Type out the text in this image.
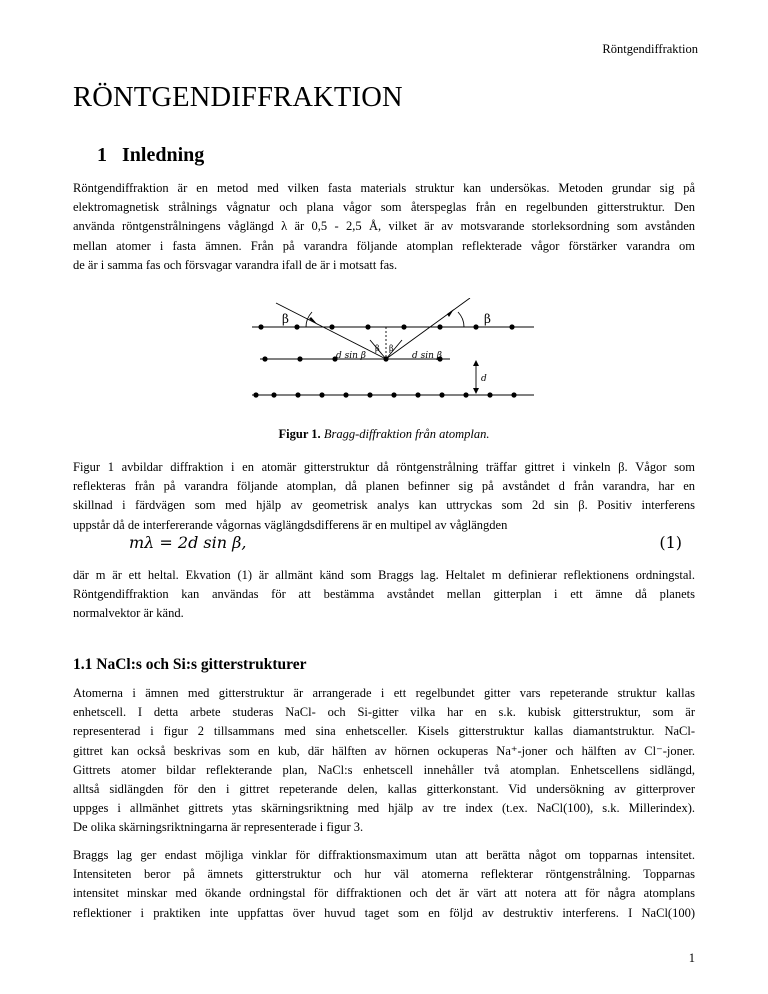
Röntgendiffraktion
RÖNTGENDIFFRAKTION
1   Inledning
Röntgendiffraktion är en metod med vilken fasta materials struktur kan undersökas. Metoden grundar sig på
elektromagnetisk strålnings vågnatur och plana vågor som återspeglas från en regelbunden gitterstruktur. Den
använda röntgenstrålningens våglängd λ är 0,5 - 2,5 Å, vilket är av motsvarande storleksordning som avstånden
mellan atomer i fasta ämnen. Från på varandra följande atomplan reflekterade vågor förstärker varandra om
de är i samma fas och försvagar varandra ifall de är i motsatt fas.
β	β
β β
d sin β	d sin β
d
Figur 1. Bragg-diffraktion från atomplan.
Figur 1 avbildar diffraktion i en atomär gitterstruktur då röntgenstrålning träffar gittret i vinkeln β. Vågor som
reflekteras från på varandra följande atomplan, då planen befinner sig på avståndet d från varandra, har en
skillnad i färdvägen som med hjälp av geometrisk analys kan uttryckas som 2d sin β. Positiv interferens
uppstår då de interfererande vågornas väglängdsdifferens är en multipel av våglängden
mλ = 2d sin β,	(1)
där m är ett heltal. Ekvation (1) är allmänt känd som Braggs lag. Heltalet m definierar reflektionens ordningstal.
Röntgendiffraktion kan användas för att bestämma avståndet mellan gitterplan i ett ämne då planets
normalvektor är känd.
1.1 NaCl:s och Si:s gitterstrukturer
Atomerna i ämnen med gitterstruktur är arrangerade i ett regelbundet gitter vars repeterande struktur kallas
enhetscell. I detta arbete studeras NaCl- och Si-gitter vilka har en s.k. kubisk gitterstruktur, som är
representerad i figur 2 tillsammans med sina enhetsceller. Kisels gitterstruktur kallas diamantstruktur. NaCl-
gittret kan också beskrivas som en kub, där hälften av hörnen ockuperas Na⁺-joner och hälften av Cl⁻-joner.
Gittrets atomer bildar reflekterande plan, NaCl:s enhetscell innehåller två atomplan. Enhetscellens sidlängd,
alltså sidlängden för den i gittret repeterande delen, kallas gitterkonstant. Vid undersökning av gitterprover
uppges i allmänhet gittrets ytas skärningsriktning med hjälp av tre index (t.ex. NaCl(100), s.k. Millerindex).
De olika skärningsriktningarna är representerade i figur 3.
Braggs lag ger endast möjliga vinklar för diffraktionsmaximum utan att berätta något om topparnas intensitet.
Intensiteten beror på ämnets gitterstruktur och hur väl atomerna reflekterar röntgenstrålning. Topparnas
intensitet minskar med ökande ordningstal för diffraktionen och det är värt att notera att för några atomplans
reflektioner i praktiken inte uppfattas över huvud taget som en följd av destruktiv interferens. I NaCl(100)
1
